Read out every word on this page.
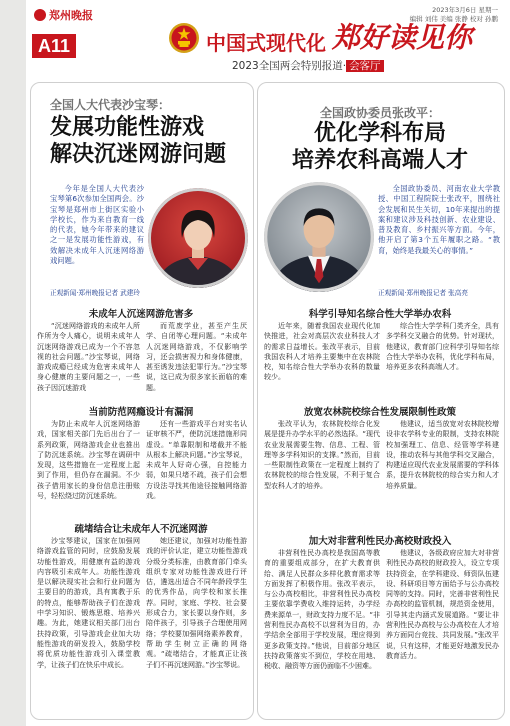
郑州晚报
A11
2023年3月6日 星期一
编辑 刘伟 美编 张静 校对 孙鹏
中国式现代化 郑好读见你
2023全国两会特别报道· 会客厅
全国人大代表沙宝琴：
发展功能性游戏
解决沉迷网游问题
今年是全国人大代表沙宝琴第6次参加全国两会。沙宝琴是郑州市上街区实验小学校长，作为来自教育一线的代表，她今年带来的建议之一是发展功能性游戏，有效解决未成年人沉迷网络游戏问题。
正观新闻·郑州晚报记者 武建玲
未成年人沉迷网游危害多
“沉迷网络游戏的未成年人所作所为令人痛心，说明未成年人沉迷网络游戏已成为一个不容忽视的社会问题。”沙宝琴说，网络游戏成瘾已经成为危害未成年人身心健康的主要问题之一，一些孩子因沉迷游戏
而荒废学业，甚至产生厌学、自闭等心理问题。“未成年人沉迷网络游戏，不仅影响学习，还会损害视力和身体健康，甚至诱发违法犯罪行为。”沙宝琴说，这已成为很多家长面临的难题。
当前防范网瘾设计有漏洞
为防止未成年人沉迷网络游戏，国家相关部门先后出台了一系列政策，网络游戏企业也推出了防沉迷系统。沙宝琴在调研中发现，这些措施在一定程度上起到了作用，但仍存在漏洞。不少孩子借用家长的身份信息注册账号，轻松绕过防沉迷系统。
还有一些游戏平台对实名认证审核不严，使防沉迷措施形同虚设。“单靠限制和堵截并不能从根本上解决问题。”沙宝琴说，未成年人好奇心强，自控能力弱，如果只堵不疏，孩子们会想方设法寻找其他途径接触网络游戏。
疏堵结合让未成年人不沉迷网游
沙宝琴建议，国家在加强网络游戏监管的同时，应鼓励发展功能性游戏，用健康有益的游戏内容吸引未成年人。功能性游戏是以解决现实社会和行业问题为主要目的的游戏，具有寓教于乐的特点，能够帮助孩子们在游戏中学习知识、锻炼思维、培养兴趣。为此，她建议相关部门出台扶持政策，引导游戏企业加大功能性游戏的研发投入，鼓励学校将优质功能性游戏引入课堂教学，让孩子们在快乐中成长。
她还建议，加强对功能性游戏的评价认定，建立功能性游戏分级分类标准，由教育部门牵头组织专家对功能性游戏进行评估，遴选出适合不同年龄段学生的优秀作品，向学校和家长推荐。同时，家庭、学校、社会要形成合力，家长要以身作则，多陪伴孩子，引导孩子合理使用网络；学校要加强网络素养教育，帮助学生树立正确的网络观。“疏堵结合，才能真正让孩子们不再沉迷网游。”沙宝琴说。
全国政协委员张改平：
优化学科布局
培养农科高端人才
全国政协委员、河南农业大学教授、中国工程院院士张改平，围绕社会发展和民生关切，10年来提出的提案和建议涉及科技创新、农业建设、普及教育、乡村振兴等方面。今年，他开启了第3个五年履职之路。“教育，始终是我最关心的事情。”
正观新闻·郑州晚报记者 张高亮
科学引导知名综合性大学举办农科
近年来，随着我国农业现代化加快推进，社会对高层次农业科技人才的需求日益增长。张改平表示，目前我国农科人才培养主要集中在农林院校，知名综合性大学举办农科的数量较少。
综合性大学学科门类齐全，具有多学科交叉融合的优势。针对现状，他建议，教育部门应科学引导知名综合性大学举办农科，优化学科布局，培养更多农科高端人才。
放宽农林院校综合性发展限制性政策
张改平认为，农林院校综合化发展是提升办学水平的必然选择。“现代农业发展需要生物、信息、工程、管理等多学科知识的支撑。”然而，目前一些限制性政策在一定程度上制约了农林院校的综合性发展，不利于复合型农科人才的培养。
他建议，适当放宽对农林院校增设非农学科专业的限制，支持农林院校加强理工、信息、经管等学科建设，推动农科与其他学科交叉融合，构建适应现代农业发展需要的学科体系，提升农林院校的综合实力和人才培养质量。
加大对非营利性民办高校财政投入
非营利性民办高校是我国高等教育的重要组成部分，在扩大教育供给、满足人民群众多样化教育需求等方面发挥了积极作用。张改平表示，与公办高校相比，非营利性民办高校主要依靠学费收入维持运转，办学经费来源单一，财政支持力度不足。“非营利性民办高校不以营利为目的，办学结余全部用于学校发展，理应得到更多政策支持。”他说，目前部分地区扶持政策落实不到位，学校在用地、税收、融资等方面仍面临不少困难。
他建议，各级政府应加大对非营利性民办高校的财政投入，设立专项扶持资金，在学科建设、师资队伍建设、科研项目等方面给予与公办高校同等的支持。同时，完善非营利性民办高校的监管机制，规范资金使用，引导其走内涵式发展道路。“要让非营利性民办高校与公办高校在人才培养方面同台竞技、共同发展。”张改平说，只有这样，才能更好地激发民办教育活力。
